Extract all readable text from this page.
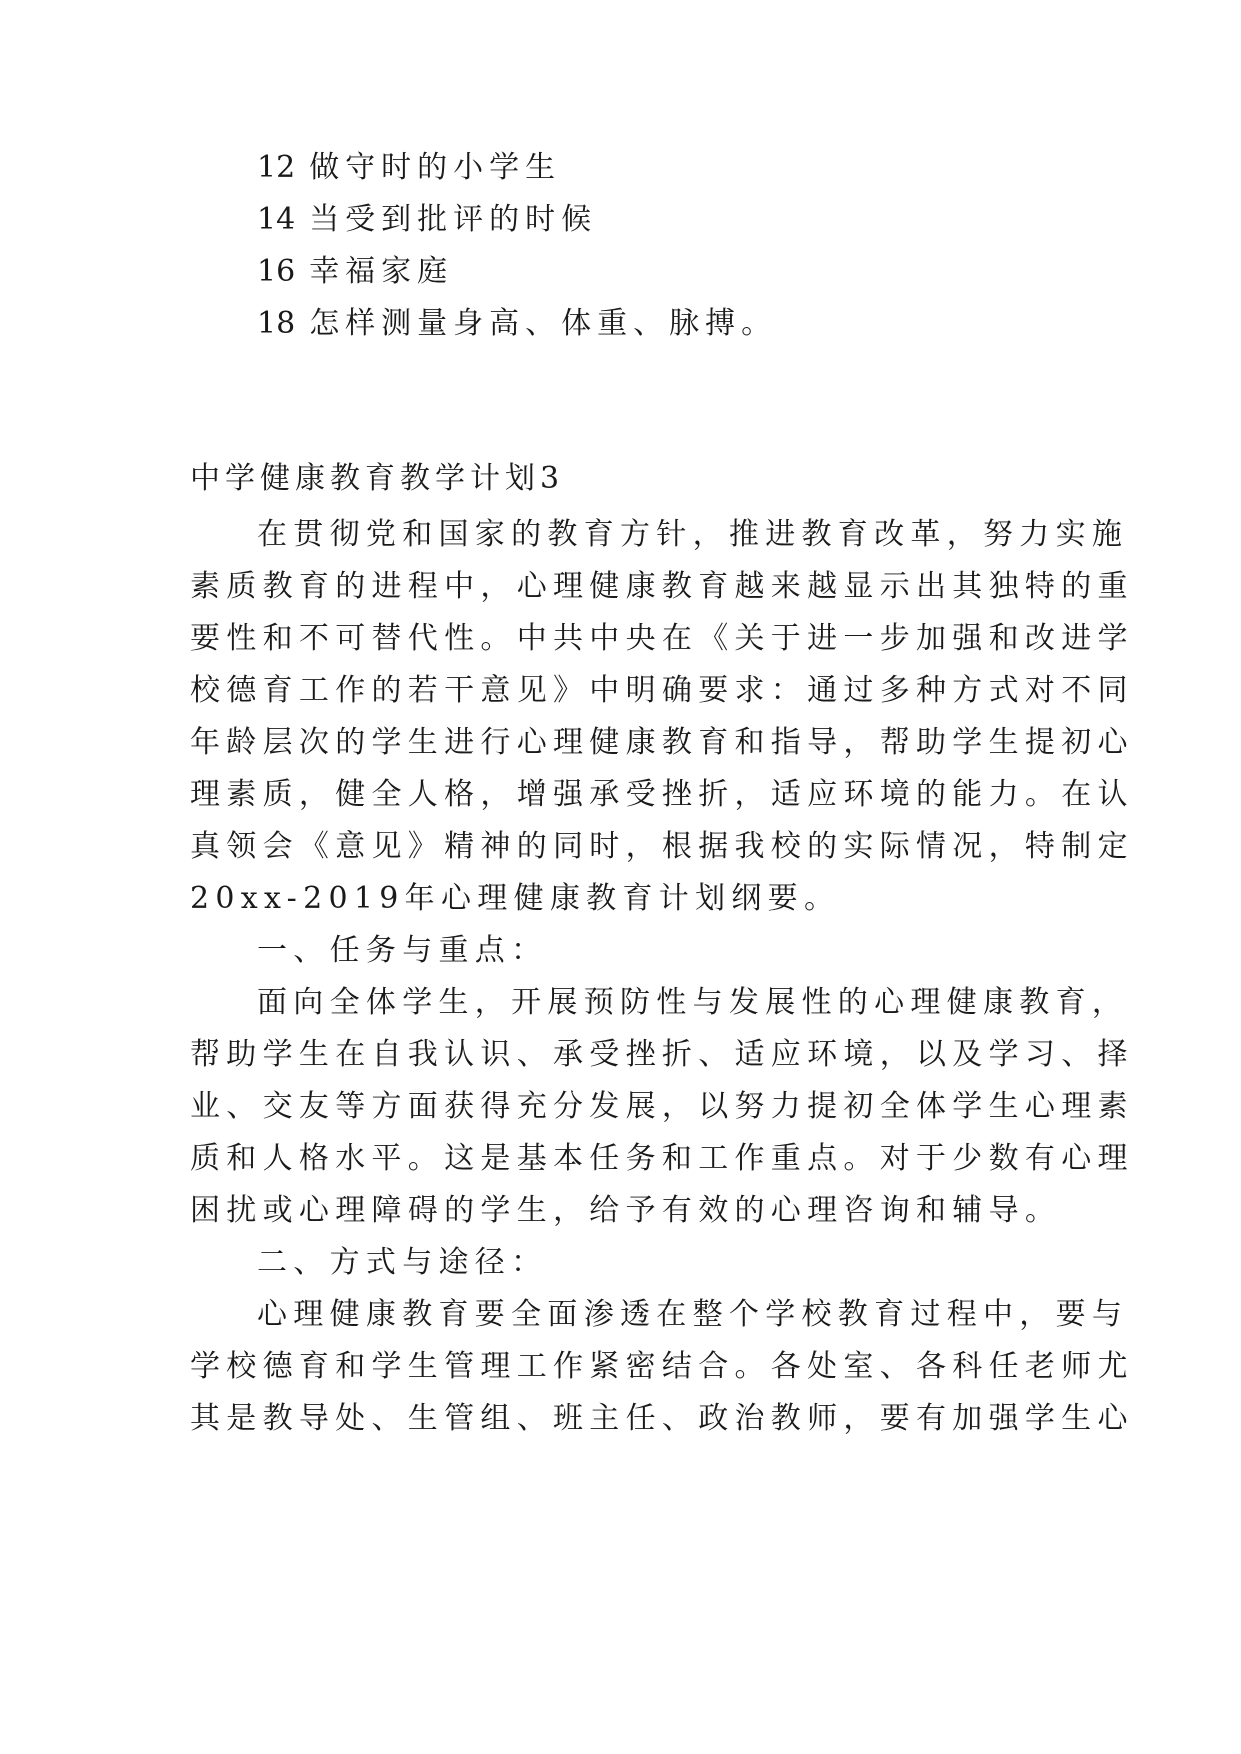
12 做守时的小学生
14 当受到批评的时候
16 幸福家庭
18 怎样测量身高、体重、脉搏。
中学健康教育教学计划3
在贯彻党和国家的教育方针，推进教育改革，努力实施
素质教育的进程中，心理健康教育越来越显示出其独特的重
要性和不可替代性。中共中央在《关于进一步加强和改进学
校德育工作的若干意见》中明确要求：通过多种方式对不同
年龄层次的学生进行心理健康教育和指导，帮助学生提初心
理素质，健全人格，增强承受挫折，适应环境的能力。在认
真领会《意见》精神的同时，根据我校的实际情况，特制定
20xx-2019年心理健康教育计划纲要。
一、任务与重点：
面向全体学生，开展预防性与发展性的心理健康教育，
帮助学生在自我认识、承受挫折、适应环境，以及学习、择
业、交友等方面获得充分发展，以努力提初全体学生心理素
质和人格水平。这是基本任务和工作重点。对于少数有心理
困扰或心理障碍的学生，给予有效的心理咨询和辅导。
二、方式与途径：
心理健康教育要全面渗透在整个学校教育过程中，要与
学校德育和学生管理工作紧密结合。各处室、各科任老师尤
其是教导处、生管组、班主任、政治教师，要有加强学生心
